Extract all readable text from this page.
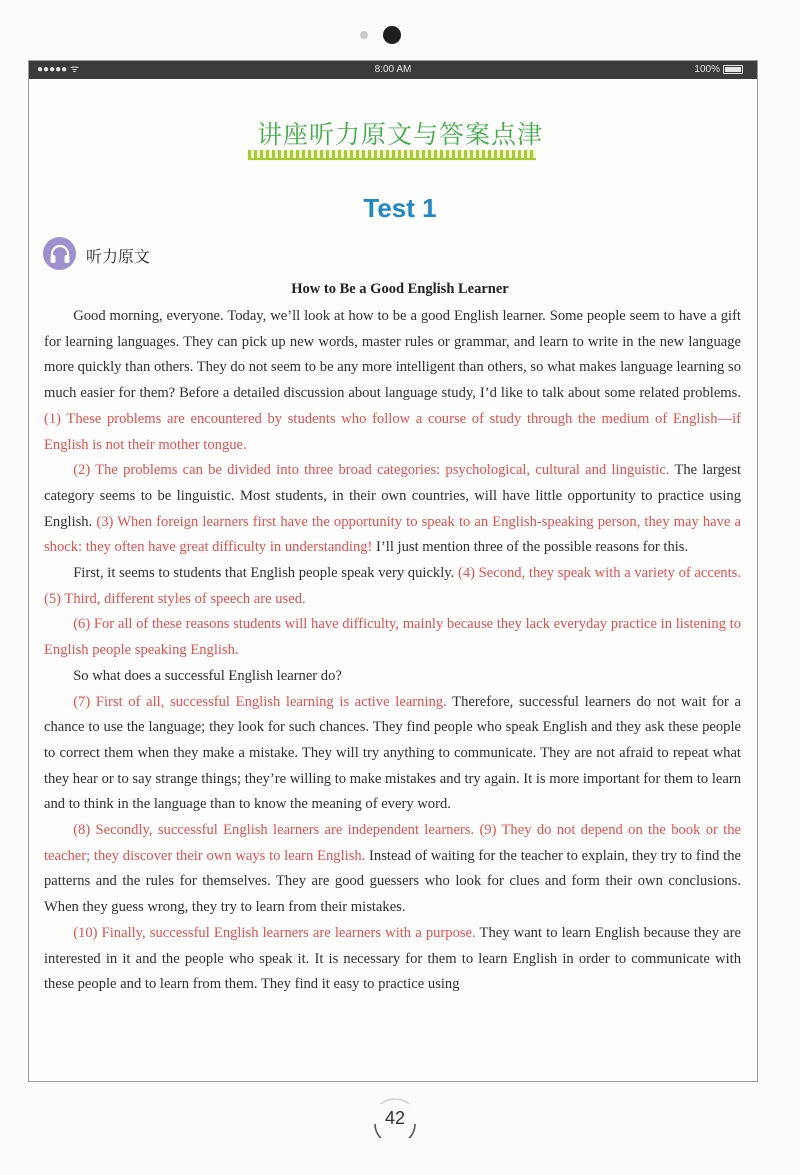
●●●●● ᯤ	8:00 AM	100%
讲座听力原文与答案点津
Test 1
听力原文
How to Be a Good English Learner

Good morning, everyone. Today, we’ll look at how to be a good English learner. Some people seem to have a gift for learning languages. They can pick up new words, master rules or grammar, and learn to write in the new language more quickly than others. They do not seem to be any more intelligent than others, so what makes language learning so much easier for them? Before a detailed discussion about language study, I’d like to talk about some related problems. (1) These problems are encountered by students who follow a course of study through the medium of English—if English is not their mother tongue.

(2) The problems can be divided into three broad categories: psychological, cultural and linguistic. The largest category seems to be linguistic. Most students, in their own countries, will have little opportunity to practice using English. (3) When foreign learners first have the opportunity to speak to an English-speaking person, they may have a shock: they often have great difficulty in understanding! I’ll just mention three of the possible reasons for this.

First, it seems to students that English people speak very quickly. (4) Second, they speak with a variety of accents. (5) Third, different styles of speech are used.

(6) For all of these reasons students will have difficulty, mainly because they lack everyday practice in listening to English people speaking English.

So what does a successful English learner do?

(7) First of all, successful English learning is active learning. Therefore, successful learners do not wait for a chance to use the language; they look for such chances. They find people who speak English and they ask these people to correct them when they make a mistake. They will try anything to communicate. They are not afraid to repeat what they hear or to say strange things; they’re willing to make mistakes and try again. It is more important for them to learn and to think in the language than to know the meaning of every word.

(8) Secondly, successful English learners are independent learners. (9) They do not depend on the book or the teacher; they discover their own ways to learn English. Instead of waiting for the teacher to explain, they try to find the patterns and the rules for themselves. They are good guessers who look for clues and form their own conclusions. When they guess wrong, they try to learn from their mistakes.

(10) Finally, successful English learners are learners with a purpose. They want to learn English because they are interested in it and the people who speak it. It is necessary for them to learn English in order to communicate with these people and to learn from them. They find it easy to practice using

42
